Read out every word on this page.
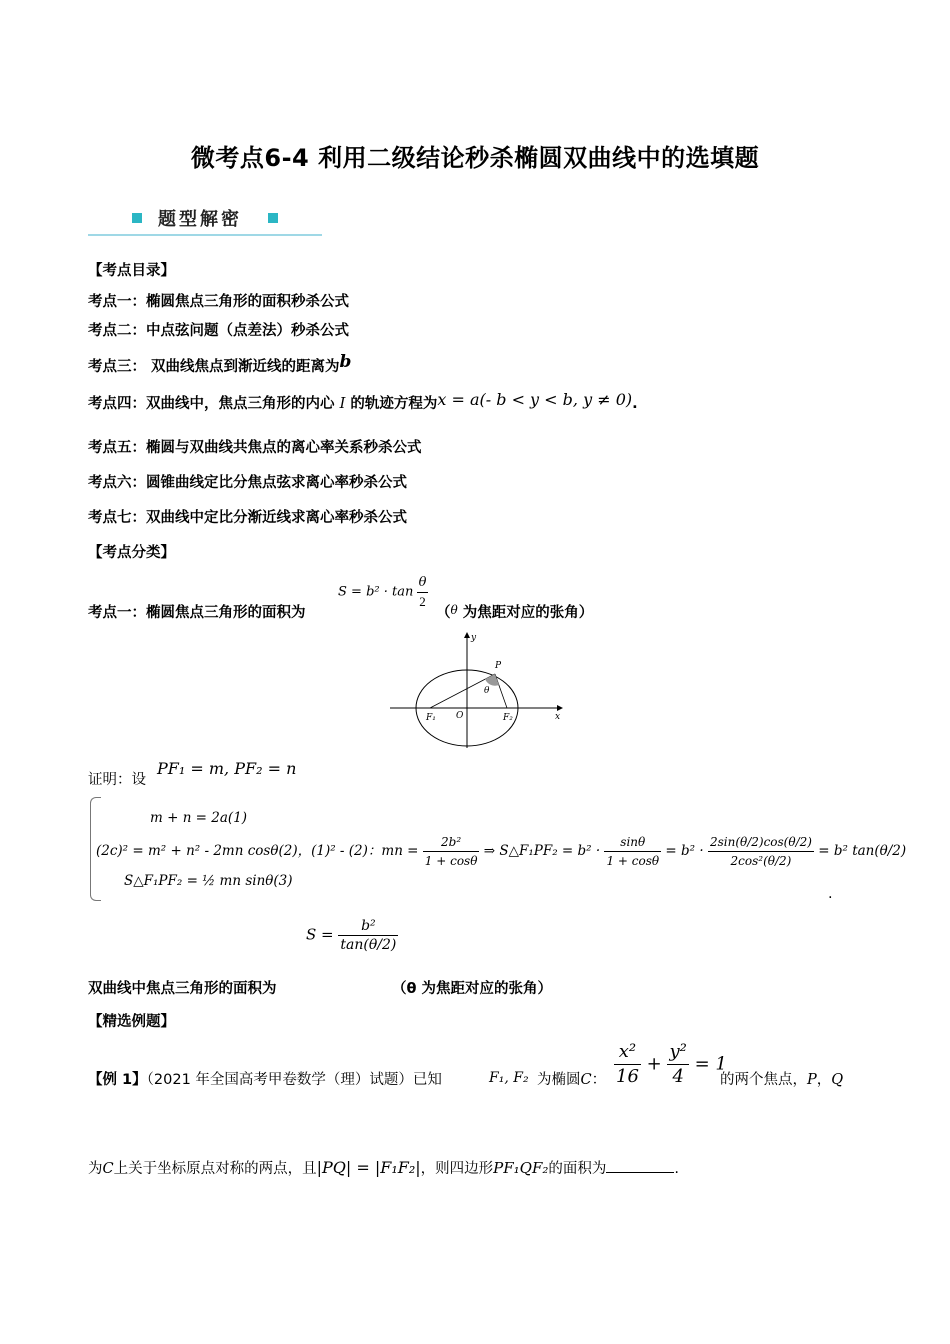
微考点6-4 利用二级结论秒杀椭圆双曲线中的选填题
题型解密
【考点目录】
考点一：椭圆焦点三角形的面积秒杀公式
考点二：中点弦问题（点差法）秒杀公式
考点三： 双曲线焦点到渐近线的距离为b
考点四：双曲线中，焦点三角形的内心 I 的轨迹方程为x = a(- b < y < b, y ≠ 0).
考点五：椭圆与双曲线共焦点的离心率关系秒杀公式
考点六：圆锥曲线定比分焦点弦求离心率秒杀公式
考点七：双曲线中定比分渐近线求离心率秒杀公式
【考点分类】
考点一：椭圆焦点三角形的面积为
$S = b^2 \cdot \tan \frac{\theta}{2}$
（$^\theta$ 为焦距对应的张角）
y
x
P
O
θ
F₁	F₂
证明：设
PF₁ = m, PF₂ = n
m + n = 2a(1)
(2c)² = m² + n² - 2mn cosθ(2)，(1)² - (2)：mn = $\frac{\text{2b²}}{1 + \cos\theta}$ ⇒ S△F₁PF₂ = $b^2 \cdot \frac{\sin\theta}{1 + \cos\theta} = b^2 \cdot \frac{2\sin(\theta/2)\cos(\theta/2)}{\text{2cos²(θ/2)}} = b^2$ tan(θ/2)
S△F₁PF₂ = ½ mn sinθ(3)
.
$S = \frac{\text{b²}}{\tan(\theta/2)}$
双曲线中焦点三角形的面积为	（θ 为焦距对应的张角）
【精选例题】
【例 1】（2021 年全国高考甲卷数学（理）试题）已知	F₁, F₂ 为椭圆C： $\frac{\text{x²}}{16} + \frac{\text{y²}}{4} = 1$
的两个焦点，P，Q
为C上关于坐标原点对称的两点，且|PQ| = |F₁F₂|，则四边形PF₁QF₂的面积为	.
